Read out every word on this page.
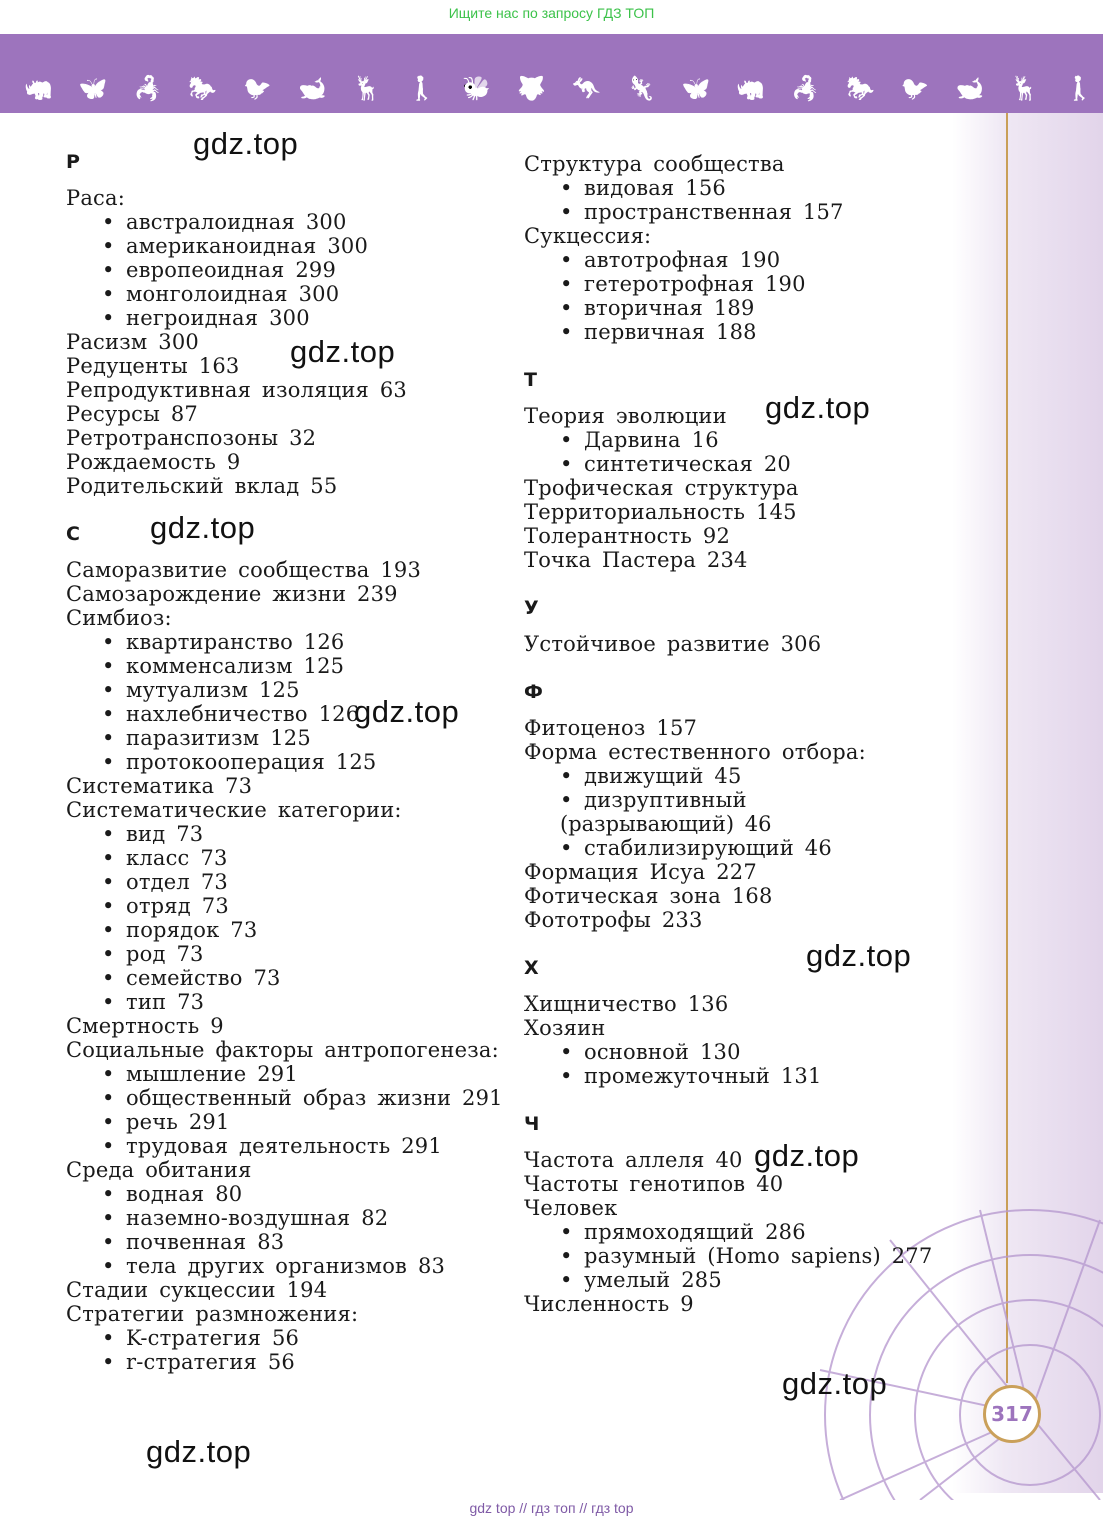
Ищите нас по запросу ГДЗ ТОП
🦏 🦋 🦂 🐎 🐦 🐋 🦌 🚶 🐝 🐺 🦘 🦎 🦋 🦏 🦂 🐎 🐦 🐋 🦌 🚶
317
Р
Раса:
• австралоидная 300
• американоидная 300
• европеоидная 299
• монголоидная 300
• негроидная 300
Расизм 300
Редуценты 163
Репродуктивная изоляция 63
Ресурсы 87
Ретротранспозоны 32
Рождаемость 9
Родительский вклад 55
С
Саморазвитие сообщества 193
Самозарождение жизни 239
Симбиоз:
• квартиранство 126
• комменсализм 125
• мутуализм 125
• нахлебничество 126
• паразитизм 125
• протокооперация 125
Систематика 73
Систематические категории:
• вид 73
• класс 73
• отдел 73
• отряд 73
• порядок 73
• род 73
• семейство 73
• тип 73
Смертность 9
Социальные факторы антропогенеза:
• мышление 291
• общественный образ жизни 291
• речь 291
• трудовая деятельность 291
Среда обитания
• водная 80
• наземно-воздушная 82
• почвенная 83
• тела других организмов 83
Стадии сукцессии 194
Стратегии размножения:
• K-стратегия 56
• r-стратегия 56
Структура сообщества
• видовая 156
• пространственная 157
Сукцессия:
• автотрофная 190
• гетеротрофная 190
• вторичная 189
• первичная 188
Т
Теория эволюции
• Дарвина 16
• синтетическая 20
Трофическая структура
Территориальность 145
Толерантность 92
Точка Пастера 234
У
Устойчивое развитие 306
Ф
Фитоценоз 157
Форма естественного отбора:
• движущий 45
• дизруптивный
(разрывающий) 46
• стабилизирующий 46
Формация Исуа 227
Фотическая зона 168
Фототрофы 233
Х
Хищничество 136
Хозяин
• основной 130
• промежуточный 131
Ч
Частота аллеля 40
Частоты генотипов 40
Человек
• прямоходящий 286
• разумный (Homo sapiens) 277
• умелый 285
Численность 9
gdz.top
gdz.top
gdz.top
gdz.top
gdz.top
gdz.top
gdz.top
gdz.top
gdz.top
gdz top // гдз топ // гдз top
